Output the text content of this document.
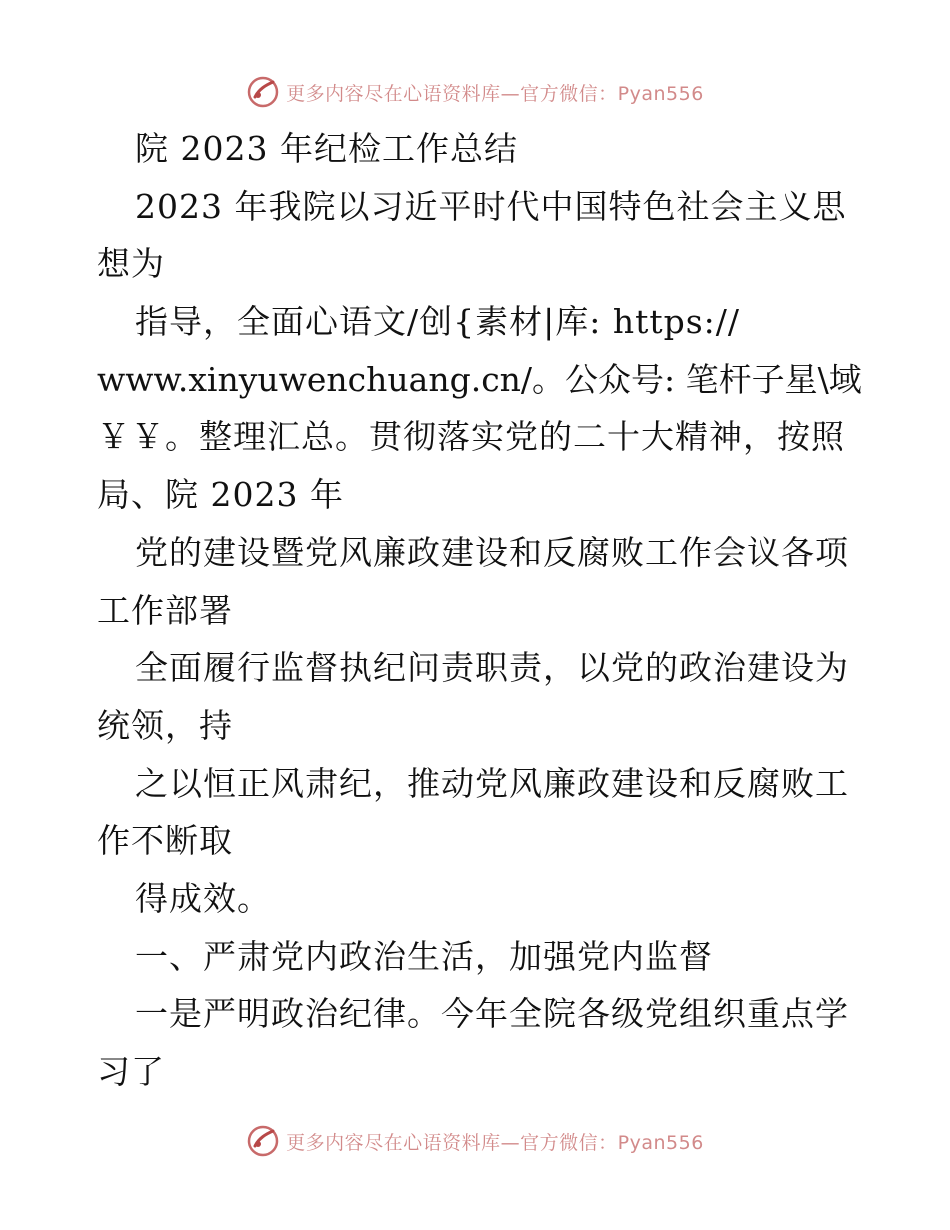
更多内容尽在心语资料库—官方微信：Pyan556
院 2023 年纪检工作总结
2023 年我院以习近平时代中国特色社会主义思
想为
指导，全面心语文/创{素材|库: https://
www.xinyuwenchuang.cn/。公众号: 笔杆子星\域
￥￥。整理汇总。贯彻落实党的二十大精神，按照
局、院 2023 年
党的建设暨党风廉政建设和反腐败工作会议各项
工作部署
全面履行监督执纪问责职责，以党的政治建设为
统领，持
之以恒正风肃纪，推动党风廉政建设和反腐败工
作不断取
得成效。
一、严肃党内政治生活，加强党内监督
一是严明政治纪律。今年全院各级党组织重点学
习了
更多内容尽在心语资料库—官方微信：Pyan556
